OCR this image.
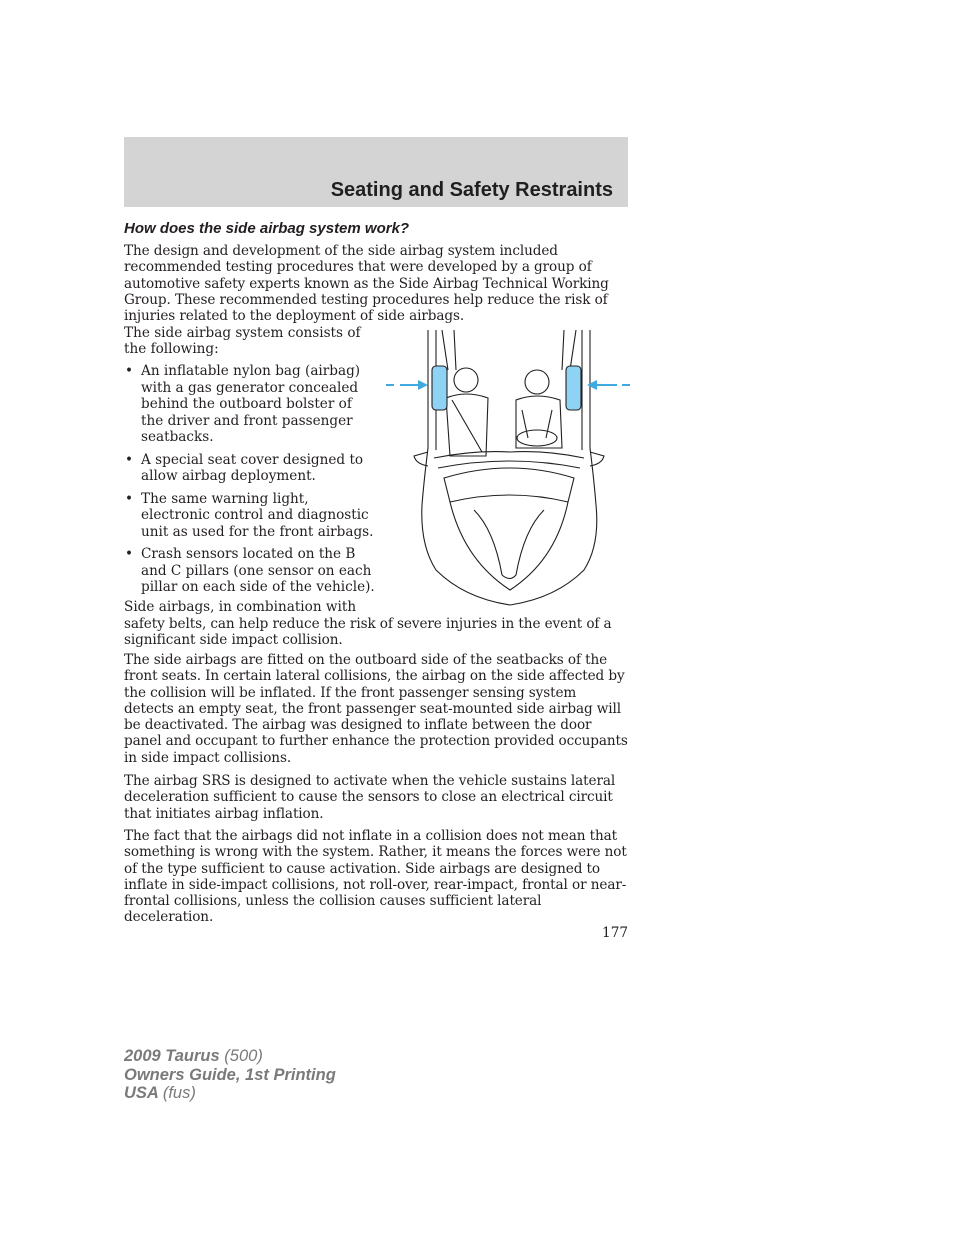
Seating and Safety Restraints
How does the side airbag system work?

The design and development of the side airbag system included recommended testing procedures that were developed by a group of automotive safety experts known as the Side Airbag Technical Working Group. These recommended testing procedures help reduce the risk of injuries related to the deployment of side airbags.

The side airbag system consists of
the following:

• An inflatable nylon bag (airbag)
with a gas generator concealed
behind the outboard bolster of
the driver and front passenger
seatbacks.
• A special seat cover designed to
allow airbag deployment.
• The same warning light,
electronic control and diagnostic
unit as used for the front airbags.
• Crash sensors located on the B
and C pillars (one sensor on each
pillar on each side of the vehicle).

Side airbags, in combination with

safety belts, can help reduce the risk of severe injuries in the event of a significant side impact collision.

The side airbags are fitted on the outboard side of the seatbacks of the front seats. In certain lateral collisions, the airbag on the side affected by the collision will be inflated. If the front passenger sensing system detects an empty seat, the front passenger seat-mounted side airbag will be deactivated. The airbag was designed to inflate between the door panel and occupant to further enhance the protection provided occupants in side impact collisions.

The airbag SRS is designed to activate when the vehicle sustains lateral deceleration sufficient to cause the sensors to close an electrical circuit that initiates airbag inflation.

The fact that the airbags did not inflate in a collision does not mean that something is wrong with the system. Rather, it means the forces were not of the type sufficient to cause activation. Side airbags are designed to inflate in side-impact collisions, not roll-over, rear-impact, frontal or near-frontal collisions, unless the collision causes sufficient lateral deceleration.

177
2009 Taurus (500)
Owners Guide, 1st Printing
USA (fus)
